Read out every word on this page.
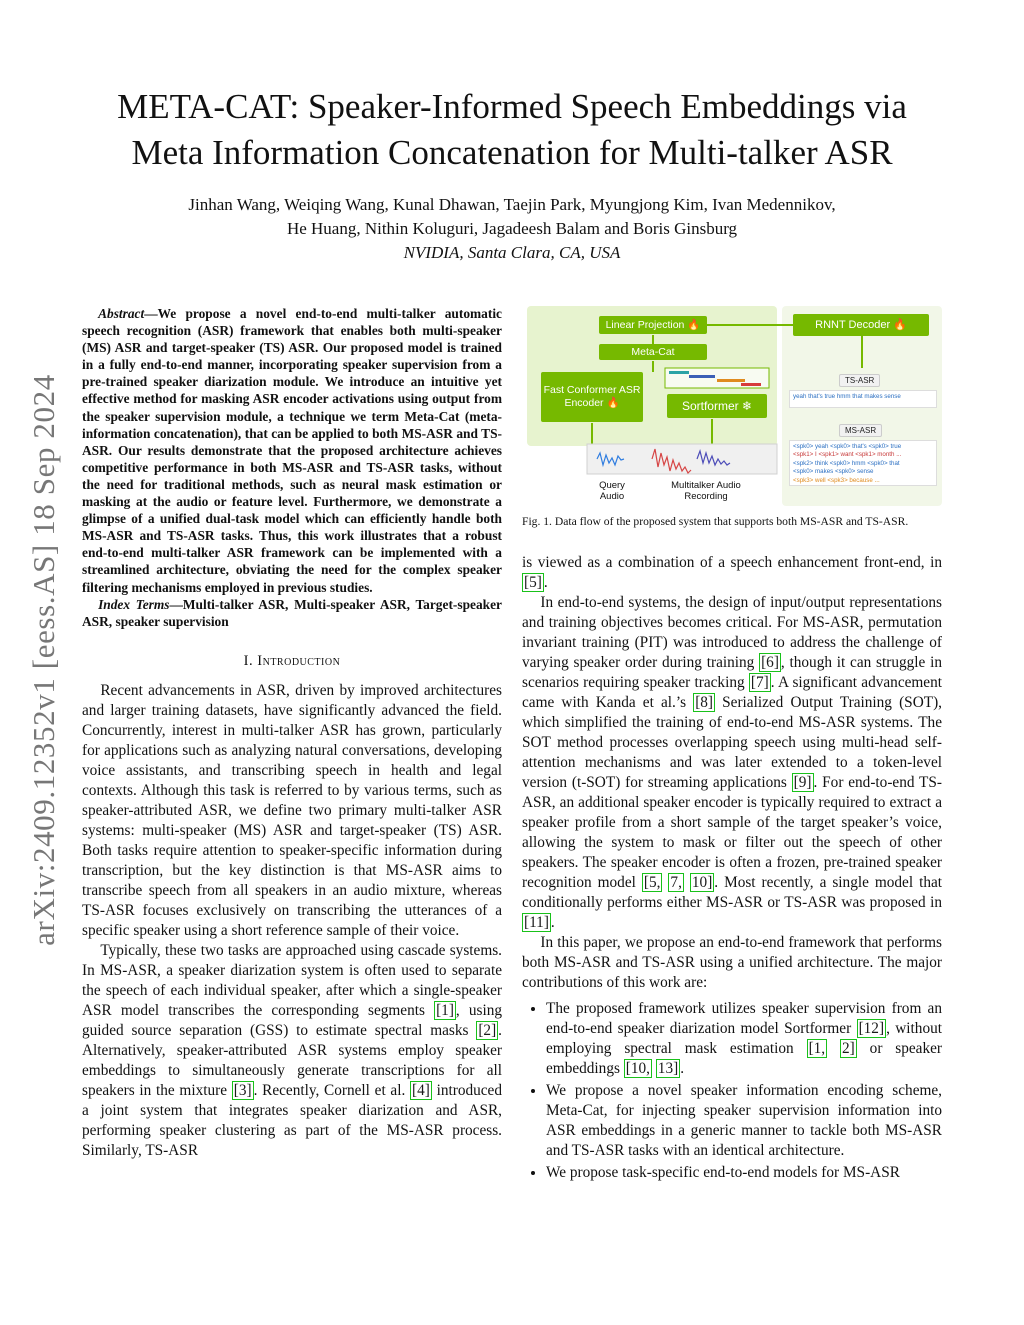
arXiv:2409.12352v1 [eess.AS] 18 Sep 2024
META-CAT: Speaker-Informed Speech Embeddings via
Meta Information Concatenation for Multi-talker ASR
Jinhan Wang, Weiqing Wang, Kunal Dhawan, Taejin Park, Myungjong Kim, Ivan Medennikov,
He Huang, Nithin Koluguri, Jagadeesh Balam and Boris Ginsburg
NVIDIA, Santa Clara, CA, USA

Abstract—We propose a novel end-to-end multi-talker automatic speech recognition (ASR) framework that enables both multi-speaker (MS) ASR and target-speaker (TS) ASR. Our proposed model is trained in a fully end-to-end manner, incorporating speaker supervision from a pre-trained speaker diarization module. We introduce an intuitive yet effective method for masking ASR encoder activations using output from the speaker supervision module, a technique we term Meta-Cat (meta-information concatenation), that can be applied to both MS-ASR and TS-ASR. Our results demonstrate that the proposed architecture achieves competitive performance in both MS-ASR and TS-ASR tasks, without the need for traditional methods, such as neural mask estimation or masking at the audio or feature level. Furthermore, we demonstrate a glimpse of a unified dual-task model which can efficiently handle both MS-ASR and TS-ASR tasks. Thus, this work illustrates that a robust end-to-end multi-talker ASR framework can be implemented with a streamlined architecture, obviating the need for the complex speaker filtering mechanisms employed in previous studies.

Index Terms—Multi-talker ASR, Multi-speaker ASR, Target-speaker ASR, speaker supervision

I. Introduction

Recent advancements in ASR, driven by improved architectures and larger training datasets, have significantly advanced the field. Concurrently, interest in multi-talker ASR has grown, particularly for applications such as analyzing natural conversations, developing voice assistants, and transcribing speech in health and legal contexts. Although this task is referred to by various terms, such as speaker-attributed ASR, we define two primary multi-talker ASR systems: multi-speaker (MS) ASR and target-speaker (TS) ASR. Both tasks require attention to speaker-specific information during transcription, but the key distinction is that MS-ASR aims to transcribe speech from all speakers in an audio mixture, whereas TS-ASR focuses exclusively on transcribing the utterances of a specific speaker using a short reference sample of their voice.

Typically, these two tasks are approached using cascade systems. In MS-ASR, a speaker diarization system is often used to separate the speech of each individual speaker, after which a single-speaker ASR model transcribes the corresponding segments [1] , using guided source separation (GSS) to estimate spectral masks [2] . Alternatively, speaker-attributed ASR systems employ speaker embeddings to simultaneously generate transcriptions for all speakers in the mixture [3] . Recently, Cornell et al. [4] introduced a joint system that integrates speaker diarization and ASR, performing speaker clustering as part of the MS-ASR process. Similarly, TS-ASR

Linear Projection 🔥
Meta-Cat
Fast Conformer ASR Encoder 🔥	Sortformer ❄
RNNT Decoder 🔥
TS-ASR
yeah that's true hmm that makes sense
MS-ASR
<spk0> yeah <spk0> that's <spk0> true
<spk1> I <spk1> want <spk1> month ...
<spk2> think <spk0> hmm <spk0> that
<spk0> makes <spk0> sense
<spk3> well <spk3> because ...
Query Audio
Multitalker Audio Recording
Fig. 1. Data flow of the proposed system that supports both MS-ASR and TS-ASR.

is viewed as a combination of a speech enhancement front-end, in [5] .

In end-to-end systems, the design of input/output representations and training objectives becomes critical. For MS-ASR, permutation invariant training (PIT) was introduced to address the challenge of varying speaker order during training [6] , though it can struggle in scenarios requiring speaker tracking [7] . A significant advancement came with Kanda et al.’s [8] Serialized Output Training (SOT), which simplified the training of end-to-end MS-ASR systems. The SOT method processes overlapping speech using multi-head self-attention mechanisms and was later extended to a token-level version (t-SOT) for streaming applications [9] . For end-to-end TS-ASR, an additional speaker encoder is typically required to extract a speaker profile from a short sample of the target speaker’s voice, allowing the system to mask or filter out the speech of other speakers. The speaker encoder is often a frozen, pre-trained speaker recognition model [5, 7, 10] . Most recently, a single model that conditionally performs either MS-ASR or TS-ASR was proposed in [11] .

In this paper, we propose an end-to-end framework that performs both MS-ASR and TS-ASR using a unified architecture. The major contributions of this work are:

• The proposed framework utilizes speaker supervision from an end-to-end speaker diarization model Sortformer [12] , without employing spectral mask estimation [1, 2] or speaker embeddings [10, 13] .
• We propose a novel speaker information encoding scheme, Meta-Cat, for injecting speaker supervision information into ASR embeddings in a generic manner to tackle both MS-ASR and TS-ASR tasks with an identical architecture.
• We propose task-specific end-to-end models for MS-ASR
